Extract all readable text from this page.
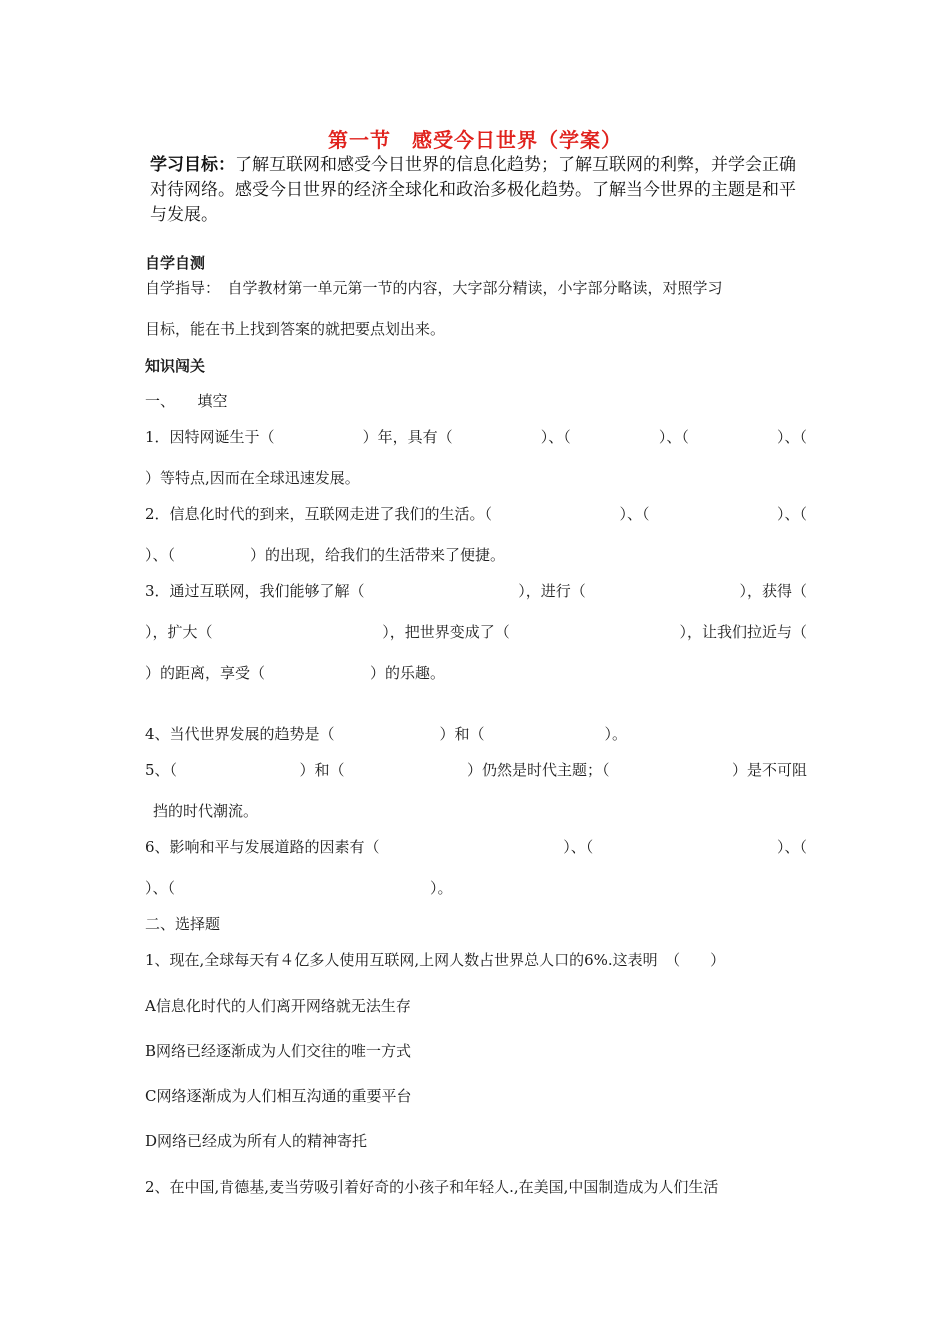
第一节　感受今日世界（学案）
学习目标：了解互联网和感受今日世界的信息化趋势；了解互联网的利弊，并学会正确对待网络。感受今日世界的经济全球化和政治多极化趋势。了解当今世界的主题是和平与发展。
自学自测
自学指导：　自学教材第一单元第一节的内容，大字部分精读，小字部分略读，对照学习
目标，能在书上找到答案的就把要点划出来。
知识闯关
一、　　填空
1．因特网诞生于（	）年，具有（	）、（	）、（	）、（
）等特点,因而在全球迅速发展。
2．信息化时代的到来，互联网走进了我们的生活。（	）、（	）、（
）、（　　　　　）的出现，给我们的生活带来了便捷。
3．通过互联网，我们能够了解（	），进行（	），获得（
），扩大（	），把世界变成了（	），让我们拉近与（
）的距离，享受（　　　　　　　）的乐趣。
4、当代世界发展的趋势是（　　　　　　　）和（　　　　　　　　）。
5、（	）和（	）仍然是时代主题；（	）是不可阻
挡的时代潮流。
6、影响和平与发展道路的因素有（	）、（	）、（
）、（　　　　　　　　　　　　　　　　　）。
二、选择题
1、现在,全球每天有４亿多人使用互联网,上网人数占世界总人口的6%.这表明　（　　）
A信息化时代的人们离开网络就无法生存
B网络已经逐渐成为人们交往的唯一方式
C网络逐渐成为人们相互沟通的重要平台
D网络已经成为所有人的精神寄托
2、在中国,肯德基,麦当劳吸引着好奇的小孩子和年轻人.,在美国,中国制造成为人们生活
